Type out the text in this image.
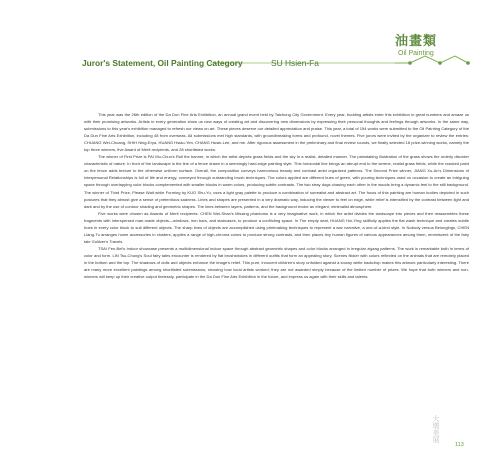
油畫類
Oil Painting
Juror's Statement, Oil Painting Category	SU Hsien-Fa

This year was the 26th edition of the Da Dun Fine Arts Exhibition, an annual grand event held by Taichung City Government. Every year, budding artists enter this exhibition in great numbers and amaze us with their promising artworks. Artists in every generation show us new ways of creating art and discovering new dimensions by expressing their personal thoughts and feelings through artworks. In the same way, submissions to this year's exhibition managed to refresh our views on art. These pieces deserve our detailed appreciation and praise. This year, a total of 154 works were submitted to the Oil Painting Category of the Da Dun Fine Arts Exhibition, including 48 from overseas. All submissions met high standards, with groundbreaking forms and profound, novel themes. Five jurors were invited by the organizer to review the entries: CHUANG Wei-Chuang, SHIH Ning-Erya, HUANG Hsiao-Yen, CHANG Hwan-Lee, and me. After rigorous assessment in the preliminary and final review rounds, we finally selected 16 prize-winning works, namely the top three winners, five Award of Merit recipients, and 28 shortlisted works.

The winner of First Prize is PAI Mu-Chun's Roll the banner, in which the artist depicts grass fields and the sky in a realist, detailed manner. The painstaking illustration of the grass shows the orderly disorder characteristic of nature. In front of the landscape is the line of a fence drawn in a seemingly hard-edge painting style. This horizontal line brings an abrupt end to the serene, realist grass fields, while the cracked paint on the fence adds texture to the otherwise uniform surface. Overall, the composition conveys harmonious beauty and contrast amid organized patterns. The Second Prize winner, JIANG Xu-An's Dimensions of Interpersonal Relationships is full of life and energy, conveyed through outstanding brush techniques. The colors applied are different hues of green, with pouring techniques used on occasion to create an intriguing space through overlapping color blocks complemented with smaller blocks in warm colors, producing subtle contrasts. The two stray dogs chasing each other in the woods bring a dynamic feel to the still background. The winner of Third Prize, Please Wait while Forming by KUO Shu-Yu, uses a light gray palette to produce a combination of surrealist and abstract art. The focus of this painting are human bodies depicted in such postures that they almost give a sense of pretentious sadness. Lines and shapes are presented in a very dramatic way, inducing the viewer to feel on edge, while relief is intensified by the contrast between light and dark and by the use of contour shading and geometric shapes. The lines between layers, patterns, and the background evoke an elegant, minimalist atmosphere.

Five works were chosen as Awards of Merit recipients. CHEN Wei-Shan's Missing phantoms is a very imaginative work, in which the artist divides the landscape into pieces and then reassembles these fragments with interspersed man-made objects—windows, iron bars, and staircases, to produce a conflicting space. In The empty seat, HUANG Hui-Ying skillfully applies the flat wash technique and creates subtle hues in every color block to suit different objects. The sharp lines of objects are accomplished using printmaking techniques to represent a war narrative, a one-of-a-kind style. In Nobody versus Belongings, CHEN Liang-Tu arranges home accessories in clusters, applies a range of high-chroma colors to produce strong contrasts, and then places tiny human figures of various appearances among them, reminiscent of the fairy tale Gulliver's Travels.

TSAI Fen-Bei's Indoor showcase presents a multidimensional indoor space through abstract geometric shapes and color blocks arranged in irregular zigzag patterns. The work is remarkable both in terms of color and form. LIN Tsu-Chung's Soul fairy tales encounter is rendered by flat brushstrokes in different outfits that form an appealing story. Scenes flicker with colors reflected on the animals that are remotely placed in the bottom and the top. The shadows of dolls and objects enhance the image's relief. This pure, innocent children's story unfolded against a snowy white backdrop makes this artwork particularly interesting. There are many more excellent paintings among shortlisted submissions, showing how local artists worked; they are not awarded simply because of the limited number of prizes. We hope that both winners and non-winners will keep up their creative output tirelessly, participate in the Da Dun Fine Arts Exhibition in the future, and impress us again with their skills and talents.

大墩美展
113
